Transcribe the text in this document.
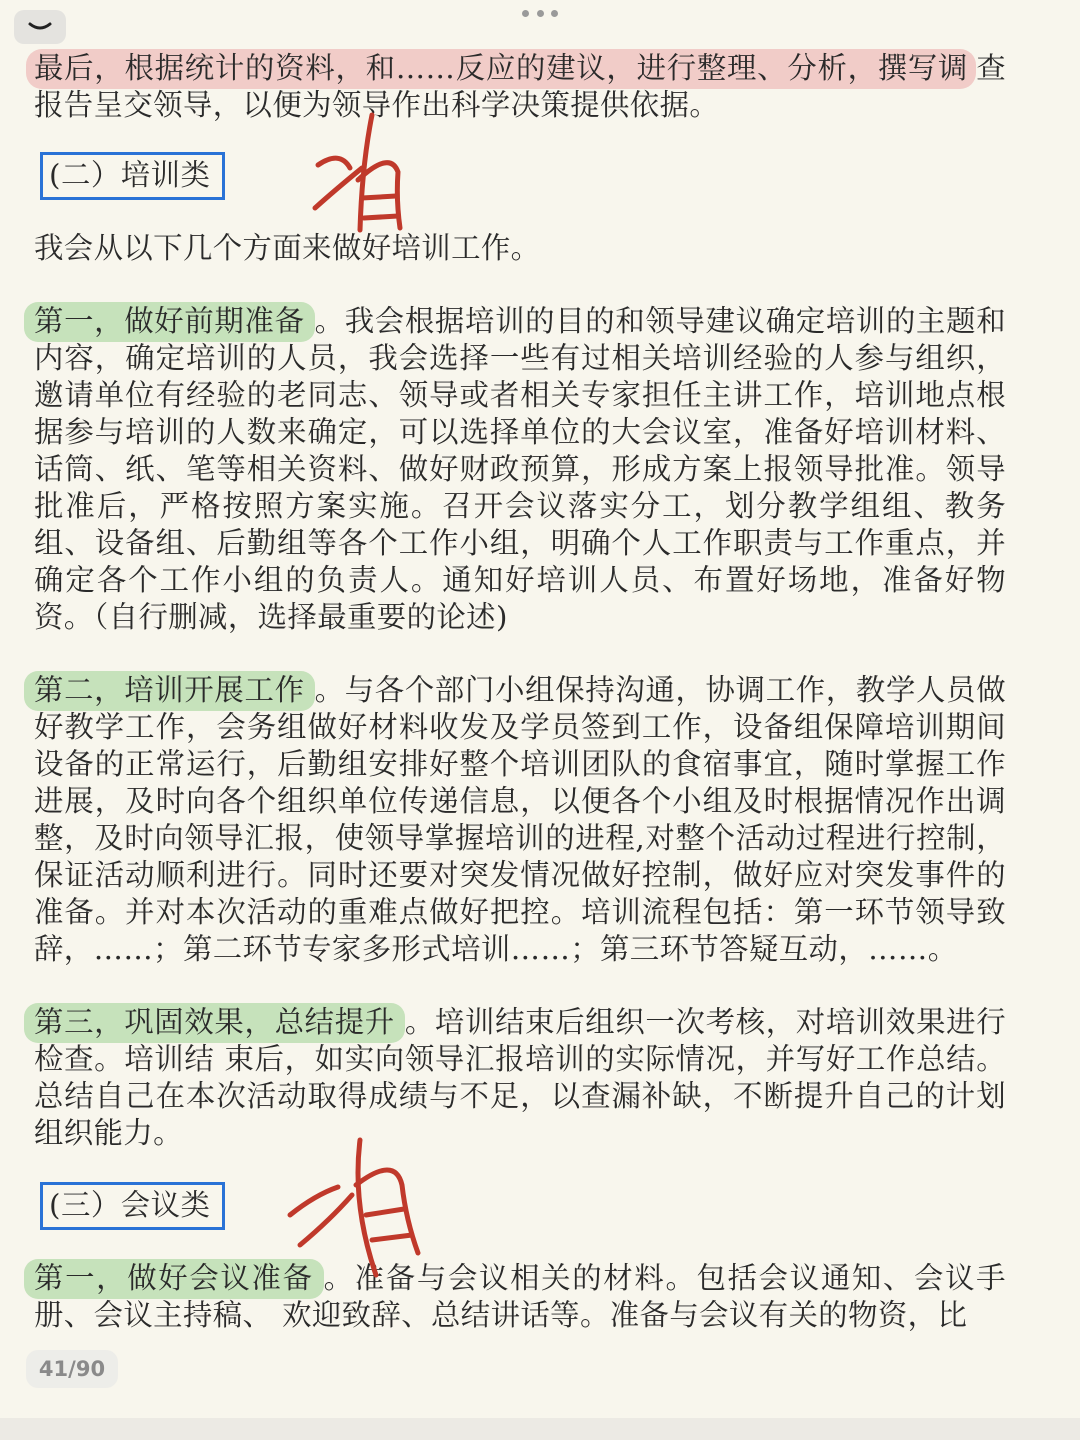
最后，根据统计的资料，和……反应的建议，进行整理、分析，撰写调 查报告呈交领导，以便为领导作出科学决策提供依据。

(二）培训类

我会从以下几个方面来做好培训工作。

第一，做好前期准备 。我会根据培训的目的和领导建议确定培训的主题和内容，确定培训的人员，我会选择一些有过相关培训经验的人参与组织，邀请单位有经验的老同志、领导或者相关专家担任主讲工作，培训地点根据参与培训的人数来确定，可以选择单位的大会议室，准备好培训材料、话筒、纸、笔等相关资料、做好财政预算，形成方案上报领导批准。领导批准后，严格按照方案实施。召开会议落实分工，划分教学组组、教务组、设备组、后勤组等各个工作小组，明确个人工作职责与工作重点，并确定各个工作小组的负责人。通知好培训人员、布置好场地，准备好物资。（自行删减，选择最重要的论述)

第二，培训开展工作 。与各个部门小组保持沟通，协调工作，教学人员做好教学工作，会务组做好材料收发及学员签到工作，设备组保障培训期间设备的正常运行，后勤组安排好整个培训团队的食宿事宜，随时掌握工作进展，及时向各个组织单位传递信息，以便各个小组及时根据情况作出调整，及时向领导汇报，使领导掌握培训的进程,对整个活动过程进行控制，保证活动顺利进行。同时还要对突发情况做好控制，做好应对突发事件的准备。并对本次活动的重难点做好把控。培训流程包括：第一环节领导致辞，……；第二环节专家多形式培训……；第三环节答疑互动，……。

第三，巩固效果，总结提升 。培训结束后组织一次考核，对培训效果进行检查。培训结 束后，如实向领导汇报培训的实际情况，并写好工作总结。总结自己在本次活动取得成绩与不足，以查漏补缺，不断提升自己的计划组织能力。

(三）会议类

第一，做好会议准备 。准备与会议相关的材料。包括会议通知、会议手册、会议主持稿、 欢迎致辞、总结讲话等。准备与会议有关的物资，比

41 / 90
